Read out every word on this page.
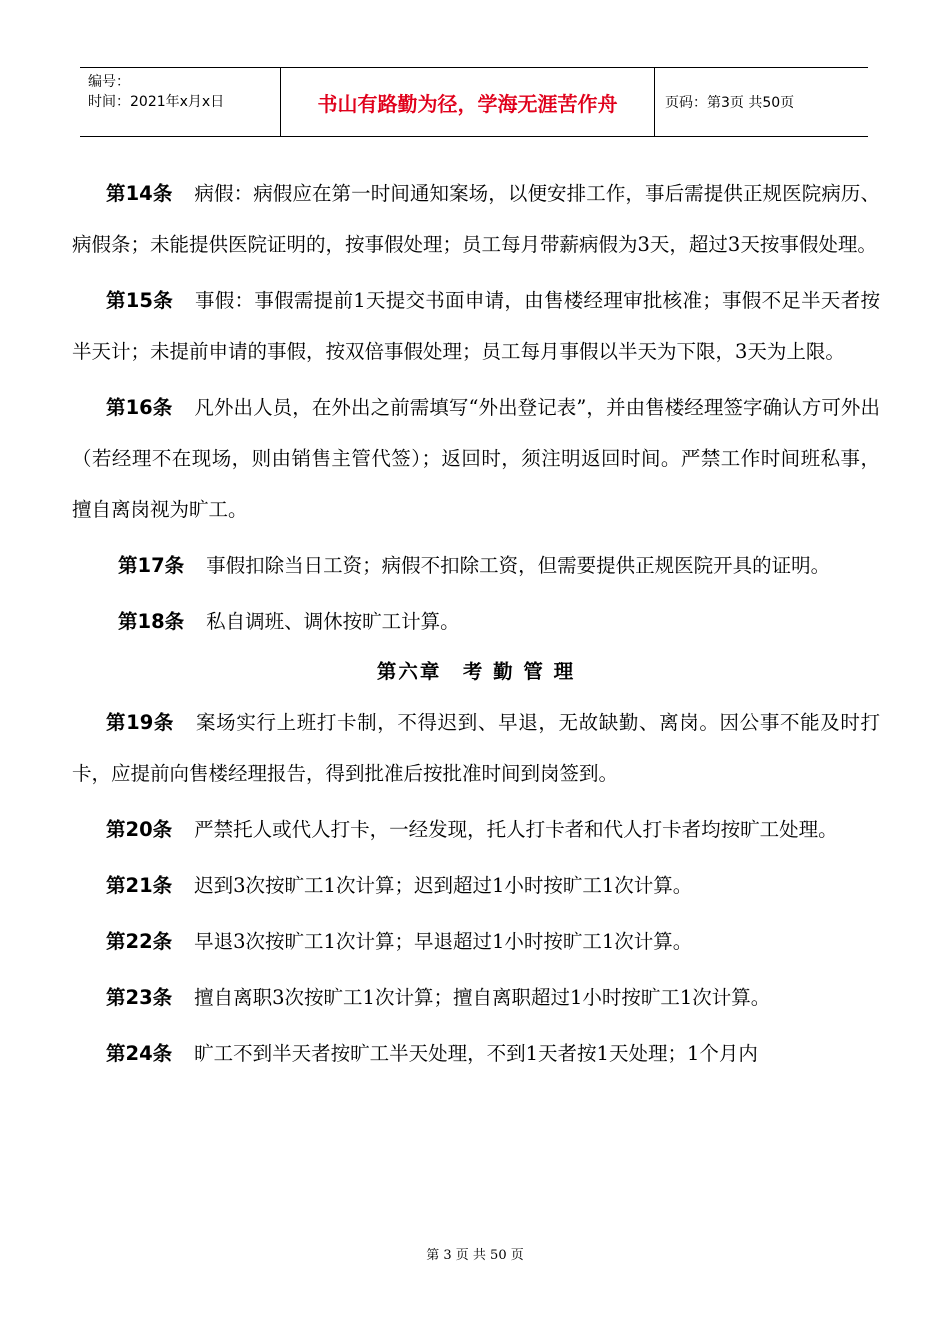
编号：
时间：2021年x月x日	书山有路勤为径，学海无涯苦作舟	页码：第3页 共50页

第14条 病假：病假应在第一时间通知案场，以便安排工作，事后需提供正规医院病历、病假条；未能提供医院证明的，按事假处理；员工每月带薪病假为3天，超过3天按事假处理。

第15条 事假：事假需提前1天提交书面申请，由售楼经理审批核准；事假不足半天者按半天计；未提前申请的事假，按双倍事假处理；员工每月事假以半天为下限，3天为上限。

第16条 凡外出人员，在外出之前需填写“外出登记表”，并由售楼经理签字确认方可外出（若经理不在现场，则由销售主管代签）；返回时，须注明返回时间。严禁工作时间班私事，擅自离岗视为旷工。

第17条 事假扣除当日工资；病假不扣除工资，但需要提供正规医院开具的证明。

第18条 私自调班、调休按旷工计算。

第六章　考 勤 管 理

第19条 案场实行上班打卡制，不得迟到、早退，无故缺勤、离岗。因公事不能及时打卡，应提前向售楼经理报告，得到批准后按批准时间到岗签到。

第20条 严禁托人或代人打卡，一经发现，托人打卡者和代人打卡者均按旷工处理。

第21条 迟到3次按旷工1次计算；迟到超过1小时按旷工1次计算。

第22条 早退3次按旷工1次计算；早退超过1小时按旷工1次计算。

第23条 擅自离职3次按旷工1次计算；擅自离职超过1小时按旷工1次计算。

第24条 旷工不到半天者按旷工半天处理，不到1天者按1天处理；1个月内

第 3 页 共 50 页
